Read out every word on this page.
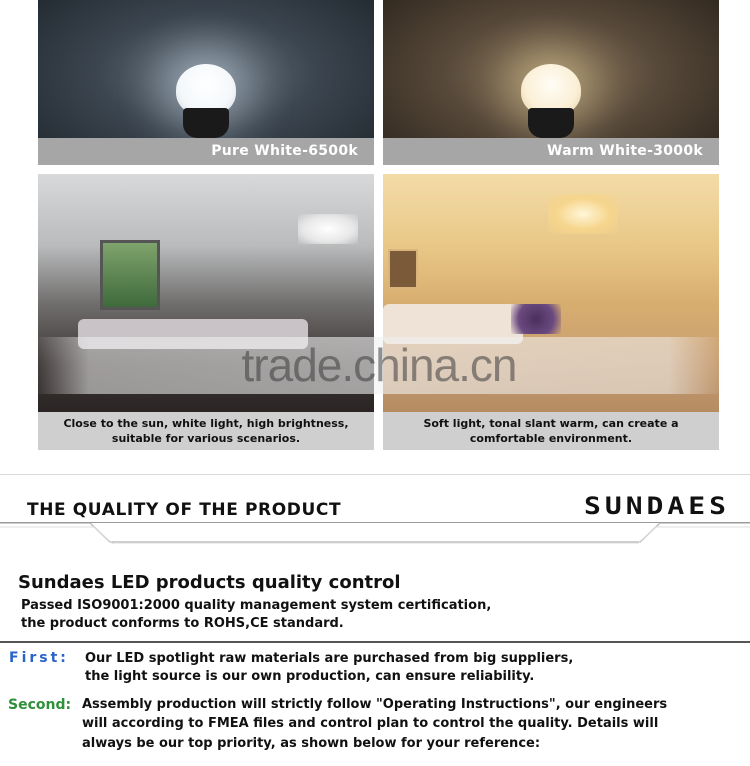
Pure White-6500k	Warm White-3000k
trade.china.cn
Close to the sun, white light, high brightness,
suitable for various scenarios.
Soft light, tonal slant warm, can create a
comfortable environment.
THE QUALITY OF THE PRODUCT	SUNDAES
Sundaes LED products quality control
Passed ISO9001:2000 quality management system certification,
the product conforms to ROHS,CE standard.
First: Our LED spotlight raw materials are purchased from big suppliers,
the light source is our own production, can ensure reliability.
Second: Assembly production will strictly follow "Operating Instructions", our engineers
will according to FMEA files and control plan to control the quality. Details will
always be our top priority, as shown below for your reference:
